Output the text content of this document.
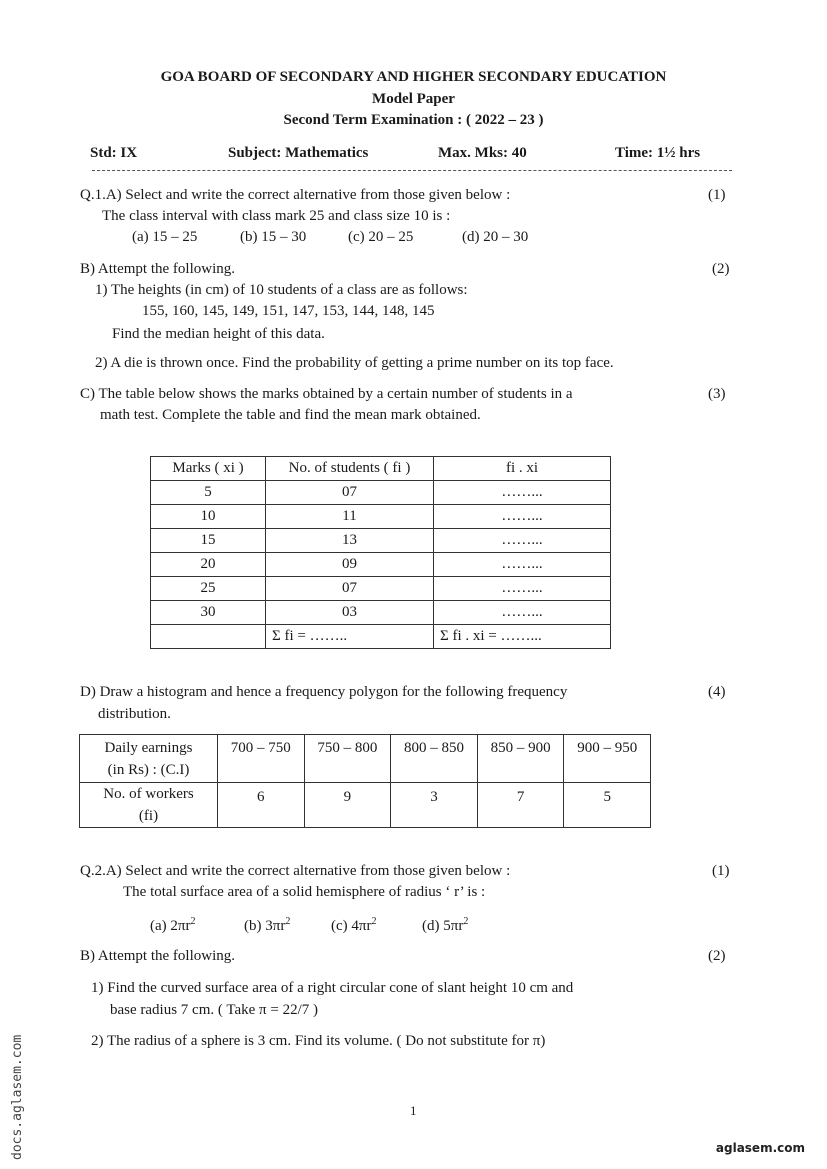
GOA BOARD OF SECONDARY AND HIGHER SECONDARY EDUCATION
Model Paper
Second Term Examination : ( 2022 – 23 )
Std: IX	Subject: Mathematics	Max. Mks: 40	Time: 1½ hrs
Q.1.A) Select and write the correct alternative from those given below :	(1)
The class interval with class mark 25 and class size 10 is :
(a) 15 – 25	(b) 15 – 30	(c) 20 – 25	(d) 20 – 30
B) Attempt the following.	(2)
1) The heights (in cm) of 10 students of a class are as follows:
155, 160, 145, 149, 151, 147, 153, 144, 148, 145
Find the median height of this data.
2) A die is thrown once. Find the probability of getting a prime number on its top face.
C) The table below shows the marks obtained by a certain number of students in a	(3)
math test. Complete the table and find the mean mark obtained.
Marks ( xi )	No. of students ( fi )	fi . xi
5	07	……...
10	11	……...
15	13	……...
20	09	……...
25	07	……...
30	03	……...
	Σ fi = ……..	Σ fi . xi = ……...
D) Draw a histogram and hence a frequency polygon for the following frequency	(4)
distribution.
Daily earnings
(in Rs) : (C.I)	700 – 750	750 – 800	800 – 850	850 – 900	900 – 950

No. of workers
(fi)	6	9	3	7	5
Q.2.A) Select and write the correct alternative from those given below :	(1)
The total surface area of a solid hemisphere of radius ‘ r’ is :
(a) $2\pi r^2$	(b) $3\pi r^2$	(c) $4\pi r^2$	(d) $5\pi r^2$
B) Attempt the following.	(2)
1) Find the curved surface area of a right circular cone of slant height 10 cm and
base radius 7 cm. ( Take π = 22/7 )
2) The radius of a sphere is 3 cm. Find its volume. ( Do not substitute for π)
1
docs.aglasem.com	aglasem.com
